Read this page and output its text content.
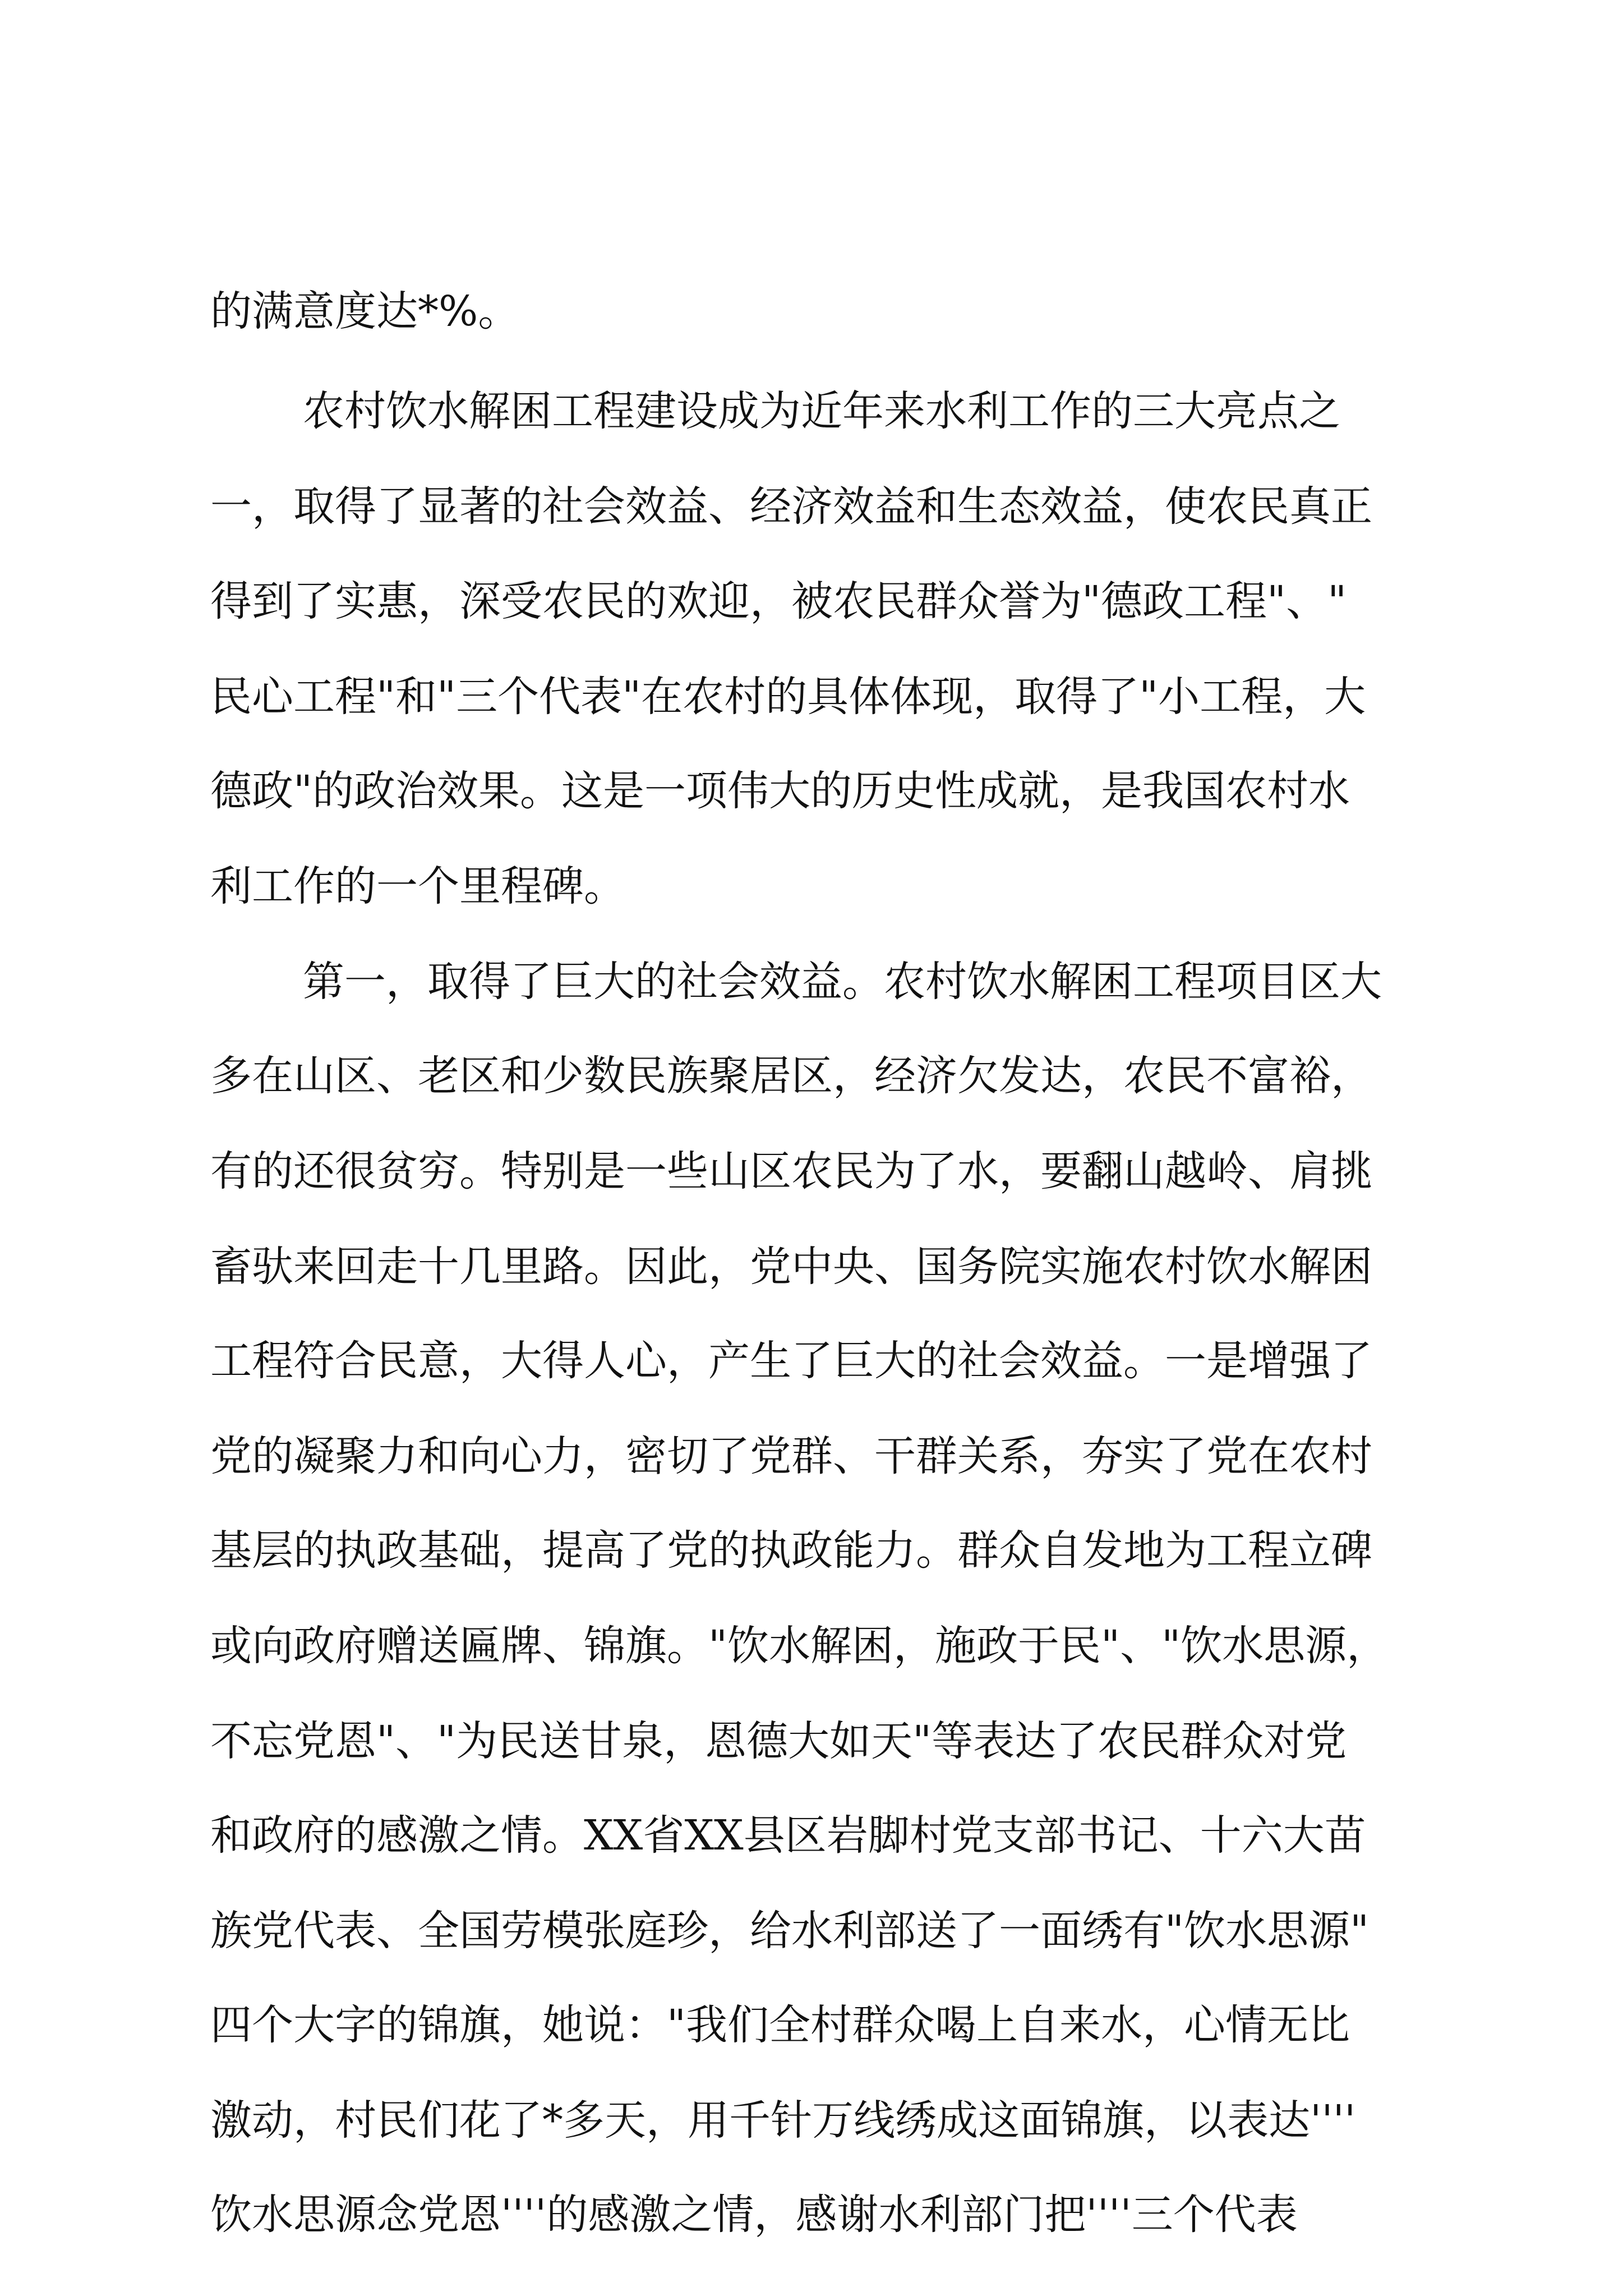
的满意度达*%。
农村饮水解困工程建设成为近年来水利工作的三大亮点之
一，取得了显著的社会效益、经济效益和生态效益，使农民真正
得到了实惠，深受农民的欢迎，被农民群众誉为"德政工程"、"
民心工程"和"三个代表"在农村的具体体现，取得了"小工程，大
德政"的政治效果。这是一项伟大的历史性成就，是我国农村水
利工作的一个里程碑。
第一，取得了巨大的社会效益。农村饮水解困工程项目区大
多在山区、老区和少数民族聚居区，经济欠发达，农民不富裕，
有的还很贫穷。特别是一些山区农民为了水，要翻山越岭、肩挑
畜驮来回走十几里路。因此，党中央、国务院实施农村饮水解困
工程符合民意，大得人心，产生了巨大的社会效益。一是增强了
党的凝聚力和向心力，密切了党群、干群关系，夯实了党在农村
基层的执政基础，提高了党的执政能力。群众自发地为工程立碑
或向政府赠送匾牌、锦旗。"饮水解困，施政于民"、"饮水思源，
不忘党恩"、"为民送甘泉，恩德大如天"等表达了农民群众对党
和政府的感激之情。XX省XX县区岩脚村党支部书记、十六大苗
族党代表、全国劳模张庭珍，给水利部送了一面绣有"饮水思源"
四个大字的锦旗，她说："我们全村群众喝上自来水，心情无比
激动，村民们花了*多天，用千针万线绣成这面锦旗，以表达''''
饮水思源念党恩''''的感激之情，感谢水利部门把''''三个代表
